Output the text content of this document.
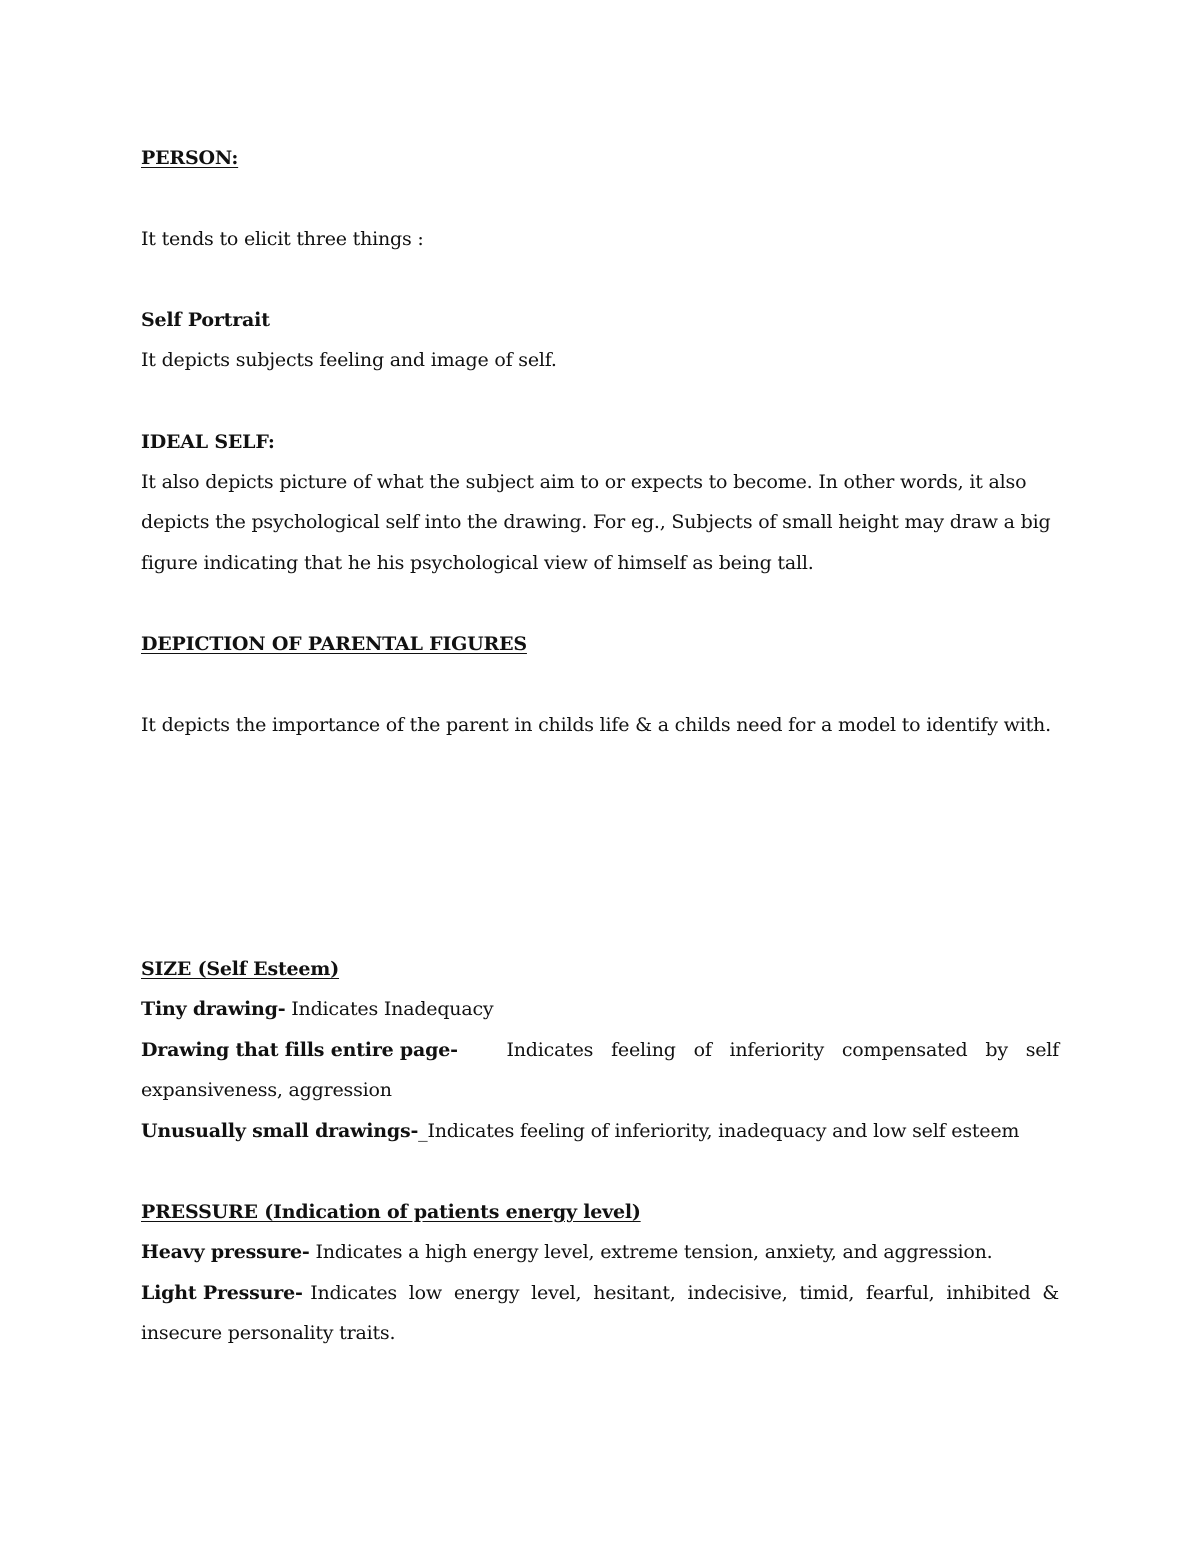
PERSON:
It tends to elicit three things :
Self Portrait
It depicts subjects feeling and image of self.
IDEAL SELF:
It also depicts picture of what the subject aim to or expects to become. In other words, it also
depicts the psychological self into the drawing. For eg., Subjects of small height may draw a big
figure indicating that he his psychological view of himself as being tall.
DEPICTION OF PARENTAL FIGURES
It depicts the importance of the parent in childs life & a childs need for a model to identify with.
SIZE (Self Esteem)
Tiny drawing- Indicates Inadequacy
Drawing that fills entire page-	Indicates feeling of inferiority compensated by self
expansiveness, aggression
Unusually small drawings-_Indicates feeling of inferiority, inadequacy and low self esteem
PRESSURE (Indication of patients energy level)
Heavy pressure- Indicates a high energy level, extreme tension, anxiety, and aggression.
Light Pressure- Indicates low energy level, hesitant, indecisive, timid, fearful, inhibited &
insecure personality traits.
